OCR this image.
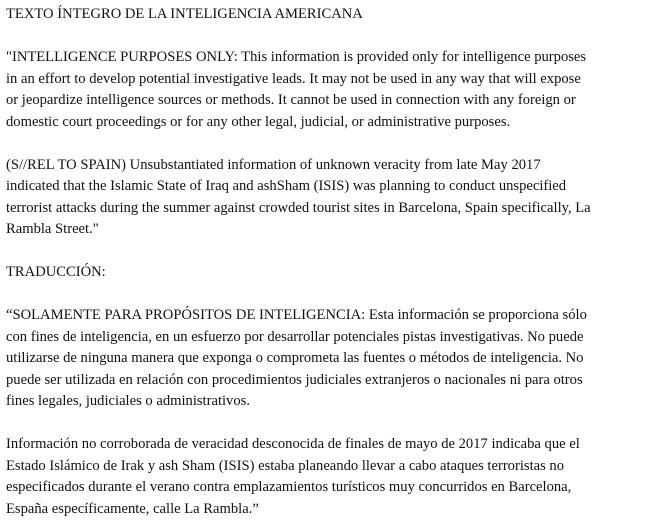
TEXTO ÍNTEGRO DE LA INTELIGENCIA AMERICANA

"INTELLIGENCE PURPOSES ONLY: This information is provided only for intelligence purposes
in an effort to develop potential investigative leads. It may not be used in any way that will expose
or jeopardize intelligence sources or methods. It cannot be used in connection with any foreign or
domestic court proceedings or for any other legal, judicial, or administrative purposes.

(S//REL TO SPAIN) Unsubstantiated information of unknown veracity from late May 2017
indicated that the Islamic State of Iraq and ashSham (ISIS) was planning to conduct unspecified
terrorist attacks during the summer against crowded tourist sites in Barcelona, Spain specifically, La
Rambla Street."

TRADUCCIÓN:

“SOLAMENTE PARA PROPÓSITOS DE INTELIGENCIA: Esta información se proporciona sólo
con fines de inteligencia, en un esfuerzo por desarrollar potenciales pistas investigativas. No puede
utilizarse de ninguna manera que exponga o comprometa las fuentes o métodos de inteligencia. No
puede ser utilizada en relación con procedimientos judiciales extranjeros o nacionales ni para otros
fines legales, judiciales o administrativos.

Información no corroborada de veracidad desconocida de finales de mayo de 2017 indicaba que el
Estado Islámico de Irak y ash Sham (ISIS) estaba planeando llevar a cabo ataques terroristas no
especificados durante el verano contra emplazamientos turísticos muy concurridos en Barcelona,
España específicamente, calle La Rambla.”
